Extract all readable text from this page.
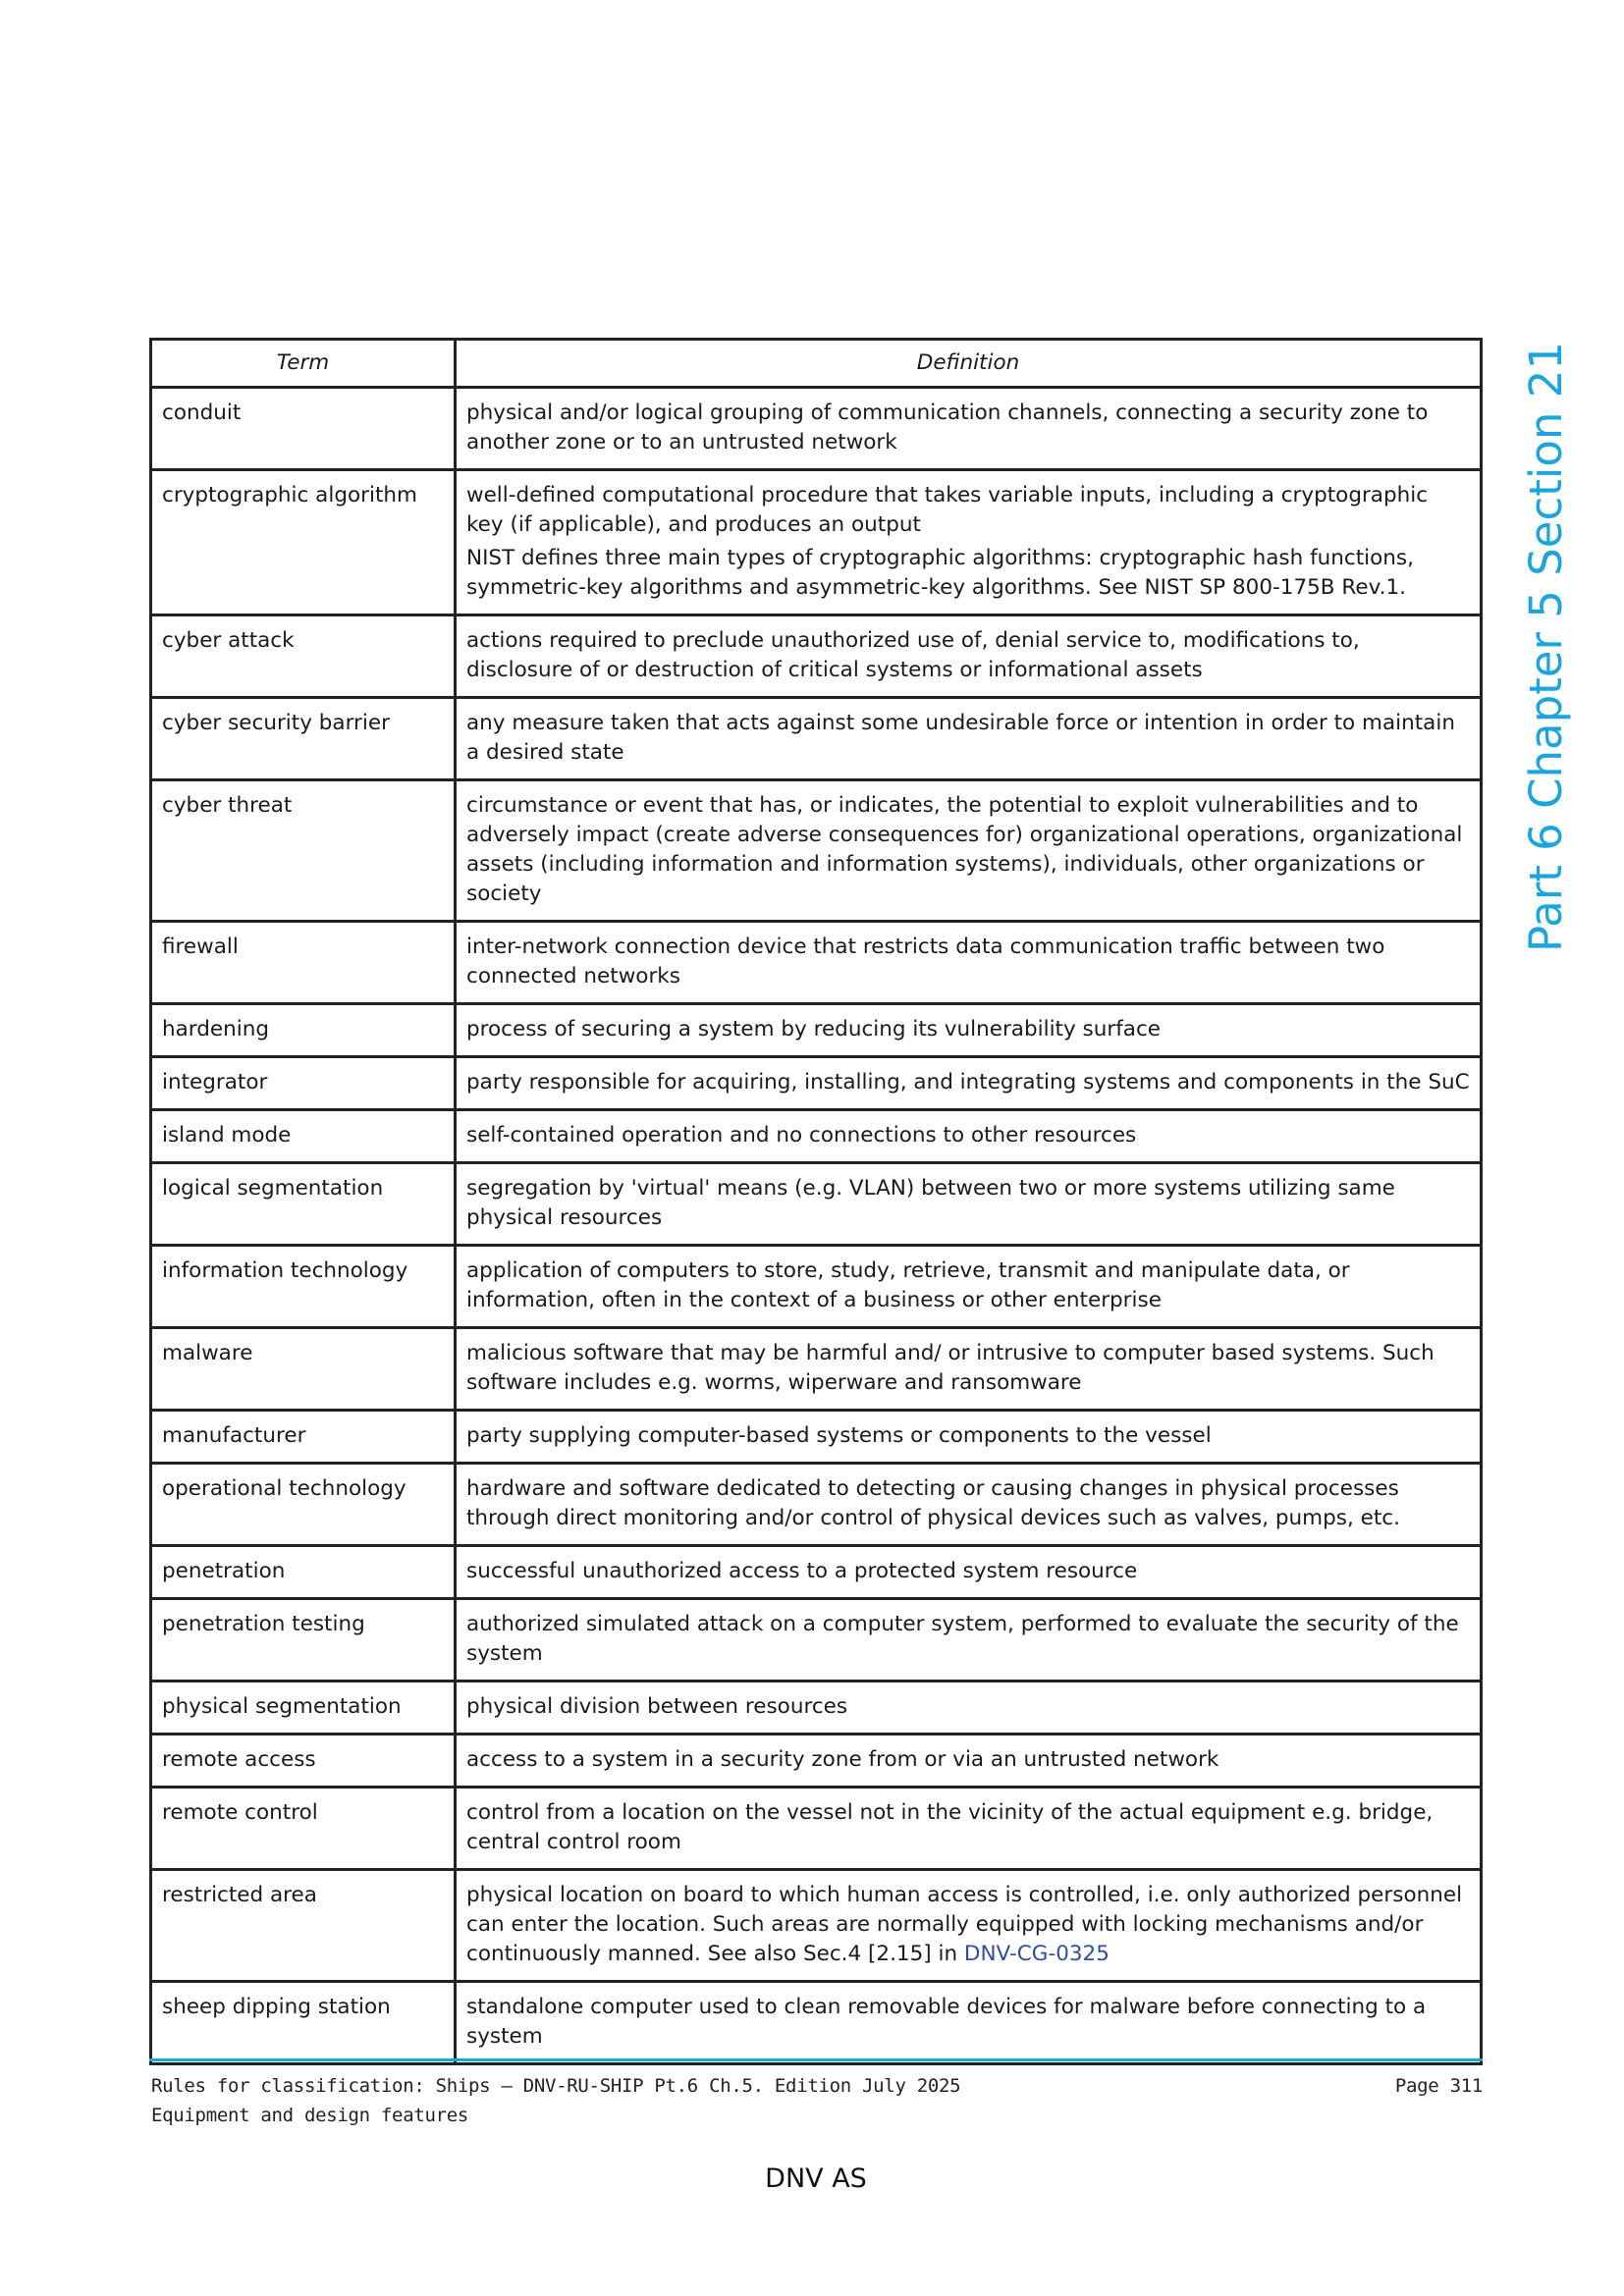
Part 6 Chapter 5 Section 21
Term	Definition
conduit	physical and/or logical grouping of communication channels, connecting a security zone to another zone or to an untrusted network

cryptographic algorithm	well-defined computational procedure that takes variable inputs, including a cryptographic key (if applicable), and produces an output
NIST defines three main types of cryptographic algorithms: cryptographic hash functions, symmetric-key algorithms and asymmetric-key algorithms. See NIST SP 800-175B Rev.1.

cyber attack	actions required to preclude unauthorized use of, denial service to, modifications to, disclosure of or destruction of critical systems or informational assets

cyber security barrier	any measure taken that acts against some undesirable force or intention in order to maintain a desired state

cyber threat	circumstance or event that has, or indicates, the potential to exploit vulnerabilities and to adversely impact (create adverse consequences for) organizational operations, organizational assets (including information and information systems), individuals, other organizations or society

firewall	inter-network connection device that restricts data communication traffic between two connected networks

hardening	process of securing a system by reducing its vulnerability surface

integrator	party responsible for acquiring, installing, and integrating systems and components in the SuC

island mode	self-contained operation and no connections to other resources

logical segmentation	segregation by 'virtual' means (e.g. VLAN) between two or more systems utilizing same physical resources

information technology	application of computers to store, study, retrieve, transmit and manipulate data, or information, often in the context of a business or other enterprise

malware	malicious software that may be harmful and/ or intrusive to computer based systems. Such software includes e.g. worms, wiperware and ransomware

manufacturer	party supplying computer-based systems or components to the vessel

operational technology	hardware and software dedicated to detecting or causing changes in physical processes through direct monitoring and/or control of physical devices such as valves, pumps, etc.

penetration	successful unauthorized access to a protected system resource

penetration testing	authorized simulated attack on a computer system, performed to evaluate the security of the system

physical segmentation	physical division between resources

remote access	access to a system in a security zone from or via an untrusted network

remote control	control from a location on the vessel not in the vicinity of the actual equipment e.g. bridge, central control room

restricted area	physical location on board to which human access is controlled, i.e. only authorized personnel can enter the location. Such areas are normally equipped with locking mechanisms and/or continuously manned. See also Sec.4 [2.15] in DNV-CG-0325

sheep dipping station	standalone computer used to clean removable devices for malware before connecting to a system
Rules for classification: Ships — DNV-RU-SHIP Pt.6 Ch.5. Edition July 2025
Equipment and design features
Page 311
DNV AS
